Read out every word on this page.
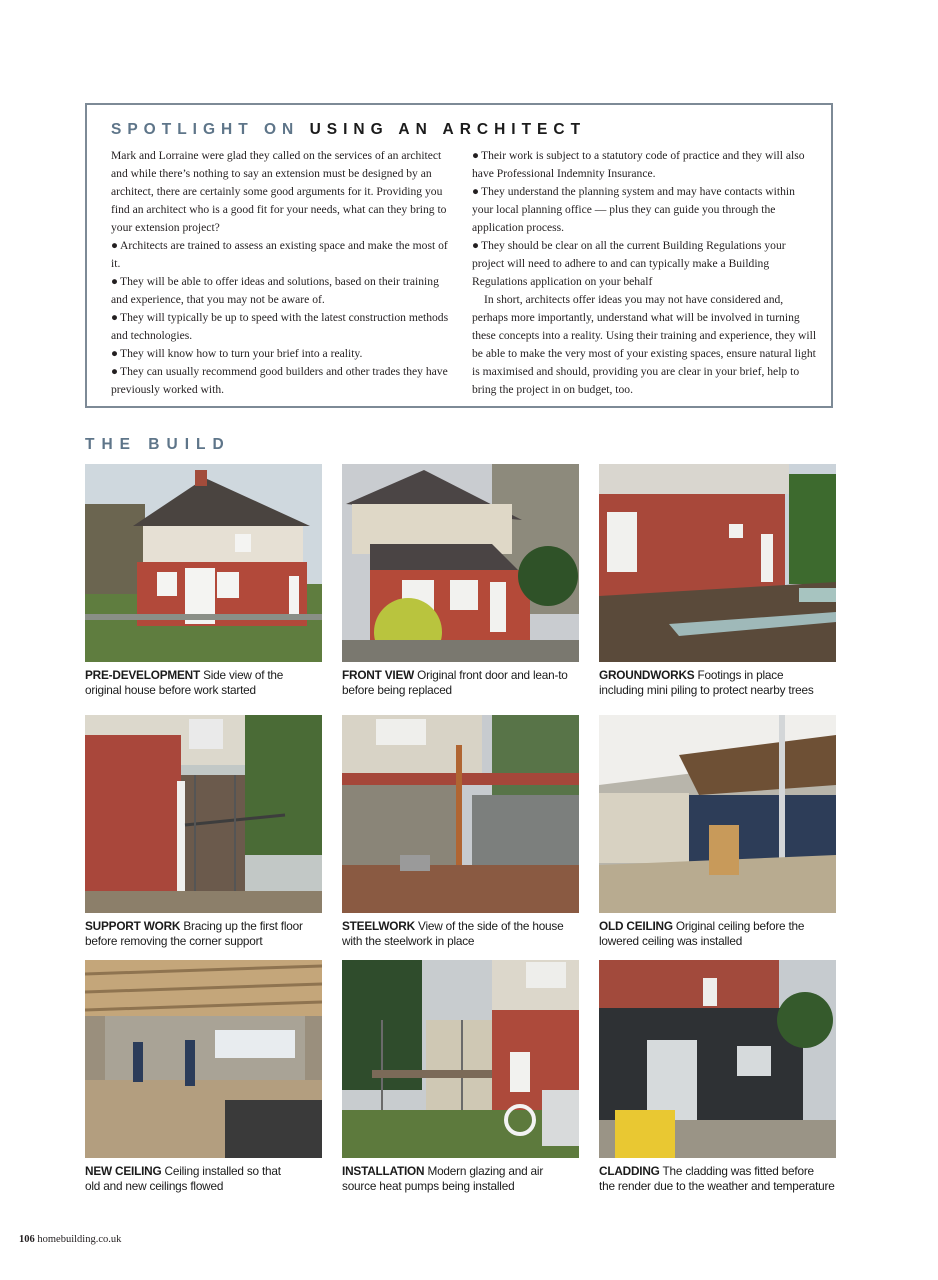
SPOTLIGHT ON USING AN ARCHITECT

Mark and Lorraine were glad they called on the services of an architect and while there’s nothing to say an extension must be designed by an architect, there are certainly some good arguments for it. Providing you find an architect who is a good fit for your needs, what can they bring to your extension project?

● Architects are trained to assess an existing space and make the most of it.

● They will be able to offer ideas and solutions, based on their training and experience, that you may not be aware of.

● They will typically be up to speed with the latest construction methods and technologies.

● They will know how to turn your brief into a reality.

● They can usually recommend good builders and other trades they have previously worked with.

● Their work is subject to a statutory code of practice and they will also have Professional Indemnity Insurance.

● They understand the planning system and may have contacts within your local planning office — plus they can guide you through the application process.

● They should be clear on all the current Building Regulations your project will need to adhere to and can typically make a Building Regulations application on your behalf

In short, architects offer ideas you may not have considered and, perhaps more importantly, understand what will be involved in turning these concepts into a reality. Using their training and experience, they will be able to make the very most of your existing spaces, ensure natural light is maximised and should, providing you are clear in your brief, help to bring the project in on budget, too.

THE BUILD
PRE-DEVELOPMENT Side view of the
original house before work started
FRONT VIEW Original front door and lean-to
before being replaced
GROUNDWORKS Footings in place
including mini piling to protect nearby trees
SUPPORT WORK Bracing up the first floor
before removing the corner support
STEELWORK View of the side of the house
with the steelwork in place
OLD CEILING Original ceiling before the
lowered ceiling was installed
NEW CEILING Ceiling installed so that
old and new ceilings flowed
INSTALLATION Modern glazing and air
source heat pumps being installed
CLADDING The cladding was fitted before
the render due to the weather and temperature
106 homebuilding.co.uk
